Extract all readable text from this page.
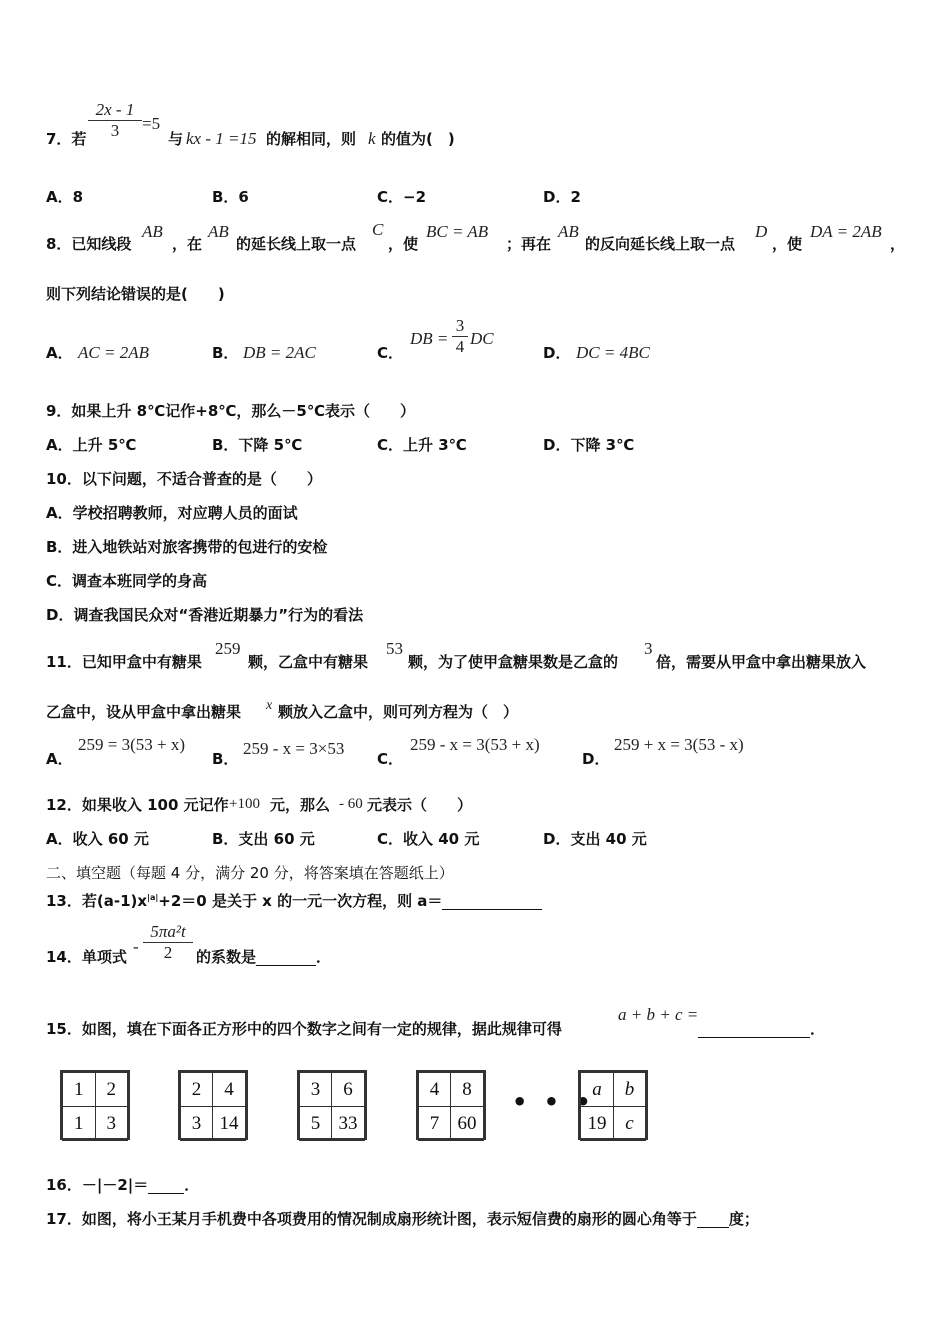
7．若
2x - 1
3	=5
与 kx - 1 =15 的解相同，则 k 的值为(　)
A．8	B．6	C．−2	D．2
8．已知线段
AB
，在
AB
的延长线上取一点
C
，使
BC = AB
；再在
AB
的反向延长线上取一点
D
，使
DA = 2AB
，
则下列结论错误的是(　　)
A． AC = 2AB	B． DB = 2AC	C．
DB =
3
4 DC
D． DC = 4BC
9．如果上升 8℃记作+8℃，那么－5℃表示（　　）
A．上升 5℃	B．下降 5℃	C．上升 3℃	D．下降 3℃
10．以下问题，不适合普查的是（　　）
A．学校招聘教师，对应聘人员的面试
B．进入地铁站对旅客携带的包进行的安检
C．调查本班同学的身高
D．调查我国民众对“香港近期暴力”行为的看法
11．已知甲盒中有糖果
259
颗，乙盒中有糖果
53
颗，为了使甲盒糖果数是乙盒的
3
倍，需要从甲盒中拿出糖果放入
乙盒中，设从甲盒中拿出糖果 x 颗放入乙盒中，则可列方程为（　）
A．
259 = 3(53 + x)
B．
259 - x = 3×53
C．
259 - x = 3(53 + x)
D．
259 + x = 3(53 - x)
12．如果收入 100 元记作 +100 元，那么 - 60 元表示（　　）
A．收入 60 元	B．支出 60 元	C．收入 40 元	D．支出 40 元
二、填空题（每题 4 分，满分 20 分，将答案填在答题纸上）
13．若$(a-1)x^{|a|}+2=0$ 是关于 x 的一元一次方程，则 a＝
14．单项式
-
5πa²t
2	的系数是	．
15．如图，填在下面各正方形中的四个数字之间有一定的规律，据此规律可得
a + b + c =
．
1	2
1	3
2	4
3	14
3	6
5	33
4	8
7	60
• • •
a	b
19	c
16．－|－2|＝ ．
17．如图，将小王某月手机费中各项费用的情况制成扇形统计图，表示短信费的扇形的圆心角等于 度；
